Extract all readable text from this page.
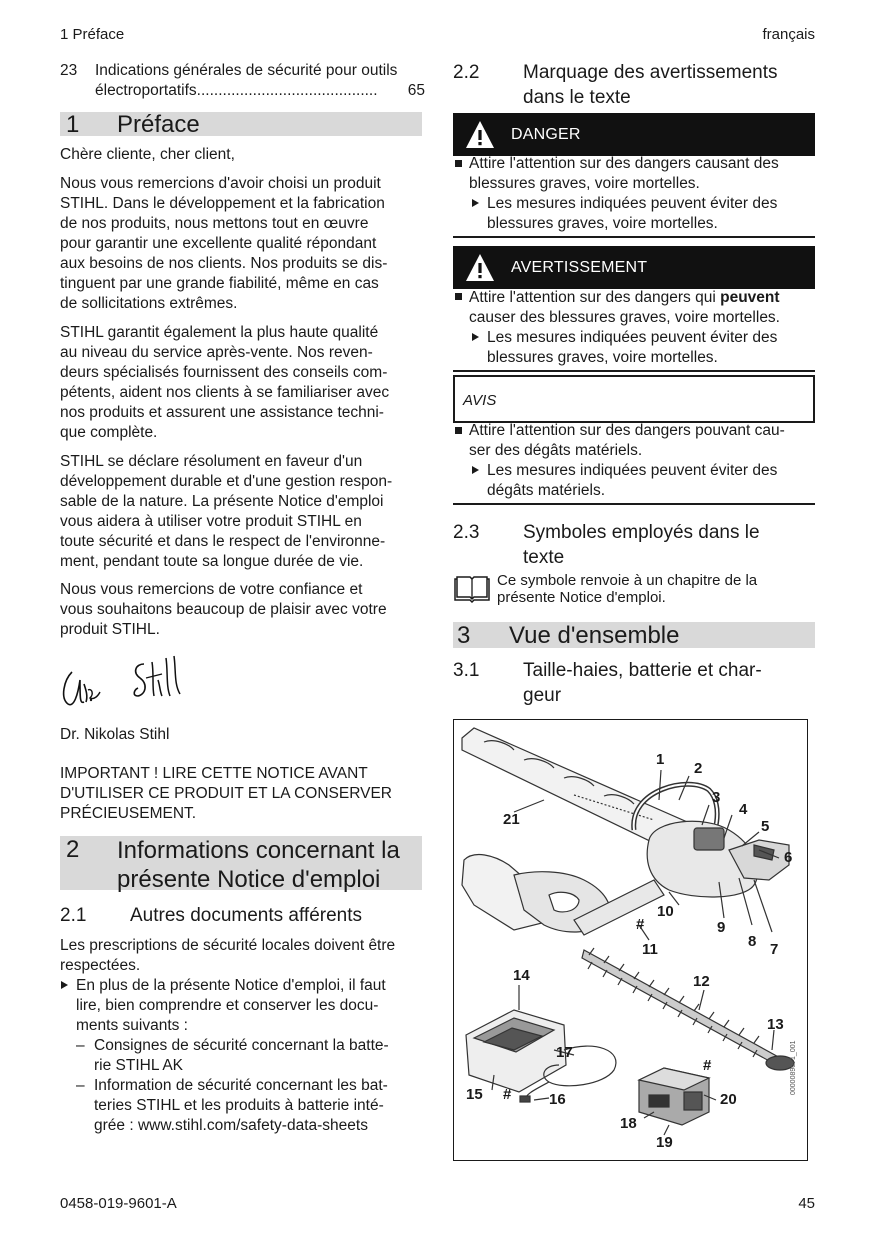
1 Préface	français
23 Indications générales de sécurité pour outils
électroportatifs ..........................................	65
1 Préface
Chère cliente, cher client,
Nous vous remercions d'avoir choisi un produit
STIHL. Dans le développement et la fabrication
de nos produits, nous mettons tout en œuvre
pour garantir une excellente qualité répondant
aux besoins de nos clients. Nos produits se dis-
tinguent par une grande fiabilité, même en cas
de sollicitations extrêmes.
STIHL garantit également la plus haute qualité
au niveau du service après-vente. Nos reven-
deurs spécialisés fournissent des conseils com-
pétents, aident nos clients à se familiariser avec
nos produits et assurent une assistance techni-
que complète.
STIHL se déclare résolument en faveur d'un
développement durable et d'une gestion respon-
sable de la nature. La présente Notice d'emploi
vous aidera à utiliser votre produit STIHL en
toute sécurité et dans le respect de l'environne-
ment, pendant toute sa longue durée de vie.
Nous vous remercions de votre confiance et
vous souhaitons beaucoup de plaisir avec votre
produit STIHL.
Dr. Nikolas Stihl
IMPORTANT ! LIRE CETTE NOTICE AVANT
D'UTILISER CE PRODUIT ET LA CONSERVER
PRÉCIEUSEMENT.
2 Informations concernant la
présente Notice d'emploi
2.1 Autres documents afférents
Les prescriptions de sécurité locales doivent être
respectées.
En plus de la présente Notice d'emploi, il faut
lire, bien comprendre et conserver les docu-
ments suivants :
– Consignes de sécurité concernant la batte-
rie STIHL AK
– Information de sécurité concernant les bat-
teries STIHL et les produits à batterie inté-
grée : www.stihl.com/safety-data-sheets
2.2 Marquage des avertissements
dans le texte
DANGER
Attire l'attention sur des dangers causant des
blessures graves, voire mortelles.
Les mesures indiquées peuvent éviter des
blessures graves, voire mortelles.
AVERTISSEMENT
Attire l'attention sur des dangers qui peuvent
causer des blessures graves, voire mortelles.
Les mesures indiquées peuvent éviter des
blessures graves, voire mortelles.
AVIS
Attire l'attention sur des dangers pouvant cau-
ser des dégâts matériels.
Les mesures indiquées peuvent éviter des
dégâts matériels.
2.3 Symboles employés dans le
texte
Ce symbole renvoie à un chapitre de la
présente Notice d'emploi.
3 Vue d'ensemble
3.1 Taille-haies, batterie et char-
geur
1
2
3
4
5
6
7
8
9
10
11
12
13
14
15	16
17
18
19
20
21
#
#
#	0000089671_001
0458-019-9601-A	45
